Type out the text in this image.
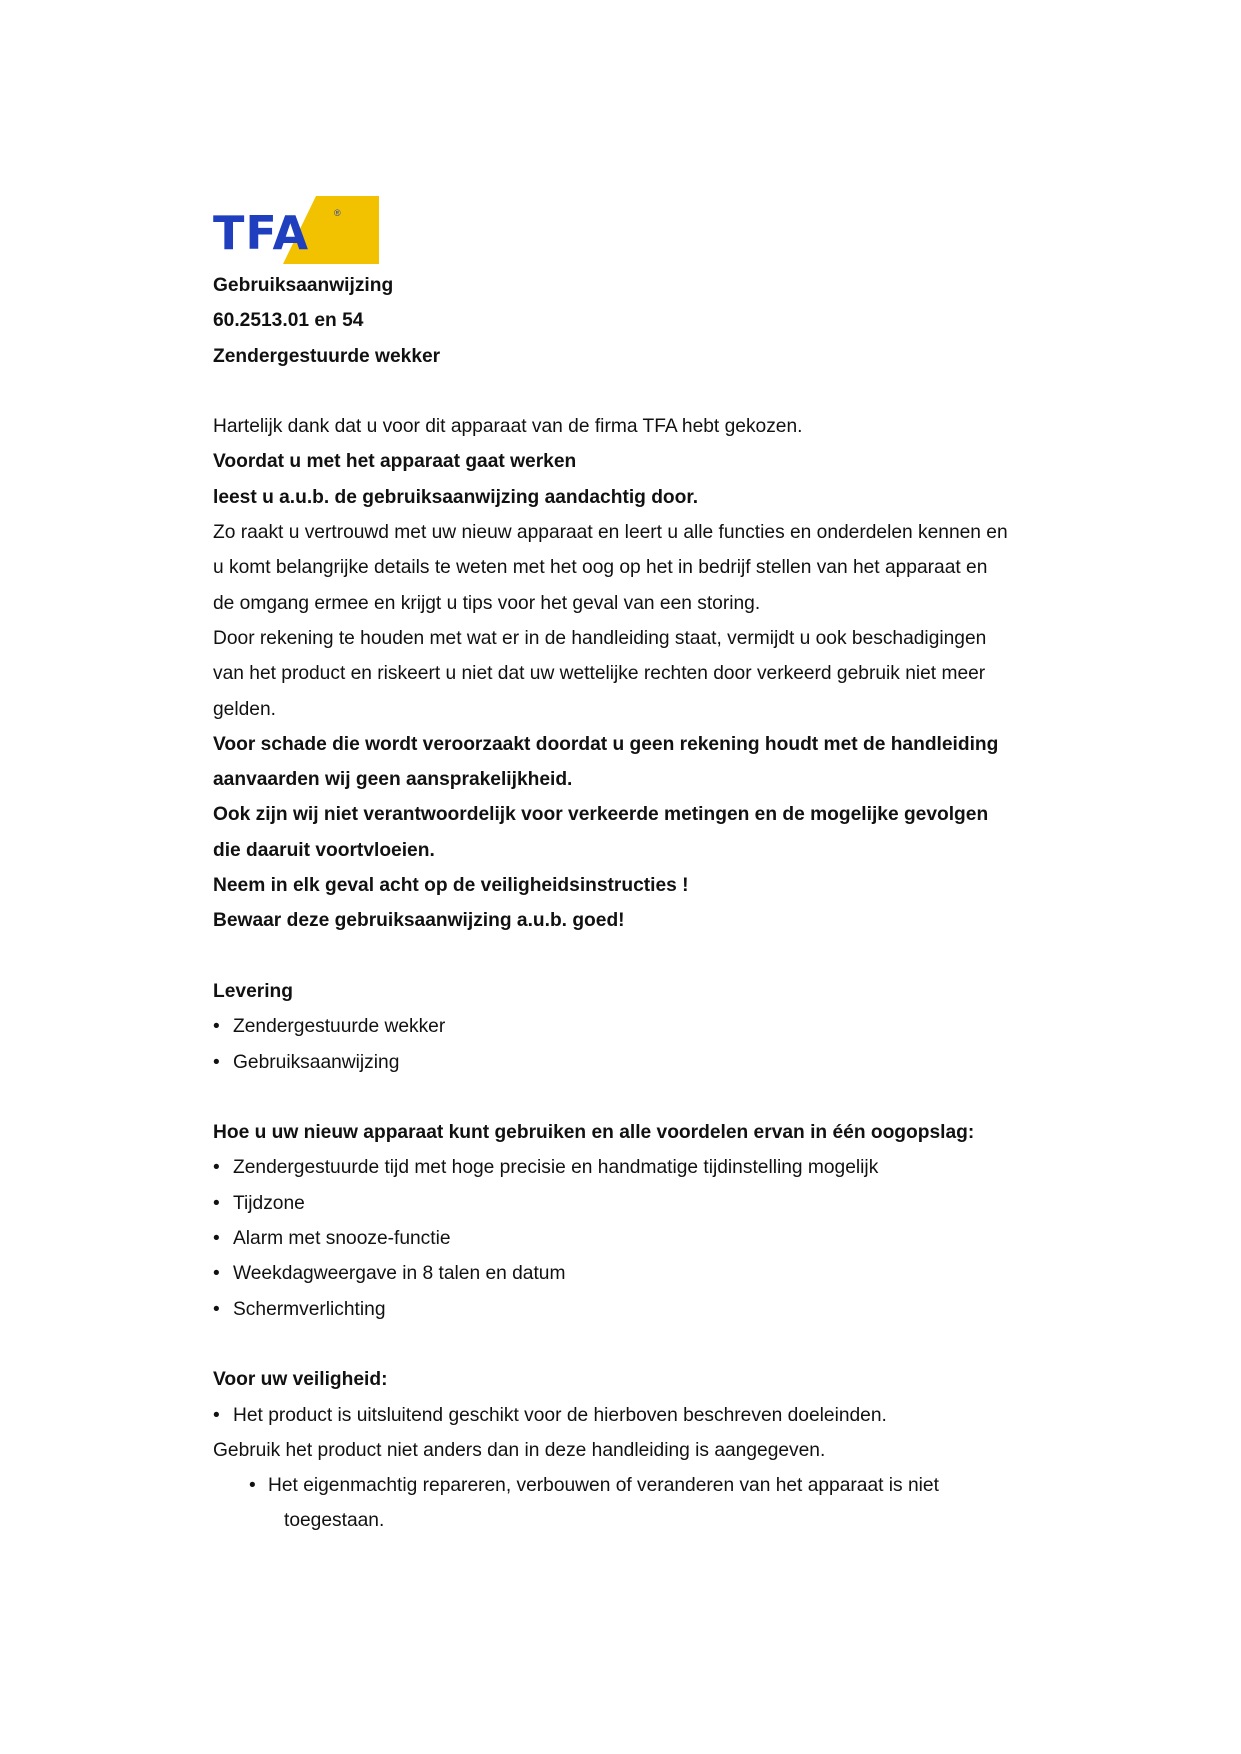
TFA	®
Gebruiksaanwijzing
60.2513.01 en 54
Zendergestuurde wekker
Hartelijk dank dat u voor dit apparaat van de firma TFA hebt gekozen.
Voordat u met het apparaat gaat werken
leest u a.u.b. de gebruiksaanwijzing aandachtig door.
Zo raakt u vertrouwd met uw nieuw apparaat en leert u alle functies en onderdelen kennen en
u komt belangrijke details te weten met het oog op het in bedrijf stellen van het apparaat en
de omgang ermee en krijgt u tips voor het geval van een storing.
Door rekening te houden met wat er in de handleiding staat, vermijdt u ook beschadigingen
van het product en riskeert u niet dat uw wettelijke rechten door verkeerd gebruik niet meer
gelden.
Voor schade die wordt veroorzaakt doordat u geen rekening houdt met de handleiding
aanvaarden wij geen aansprakelijkheid.
Ook zijn wij niet verantwoordelijk voor verkeerde metingen en de mogelijke gevolgen
die daaruit voortvloeien.
Neem in elk geval acht op de veiligheidsinstructies !
Bewaar deze gebruiksaanwijzing a.u.b. goed!
Levering
• Zendergestuurde wekker
• Gebruiksaanwijzing
Hoe u uw nieuw apparaat kunt gebruiken en alle voordelen ervan in één oogopslag:
• Zendergestuurde tijd met hoge precisie en handmatige tijdinstelling mogelijk
• Tijdzone
• Alarm met snooze-functie
• Weekdagweergave in 8 talen en datum
• Schermverlichting
Voor uw veiligheid:
• Het product is uitsluitend geschikt voor de hierboven beschreven doeleinden.
Gebruik het product niet anders dan in deze handleiding is aangegeven.
• Het eigenmachtig repareren, verbouwen of veranderen van het apparaat is niet
toegestaan.
